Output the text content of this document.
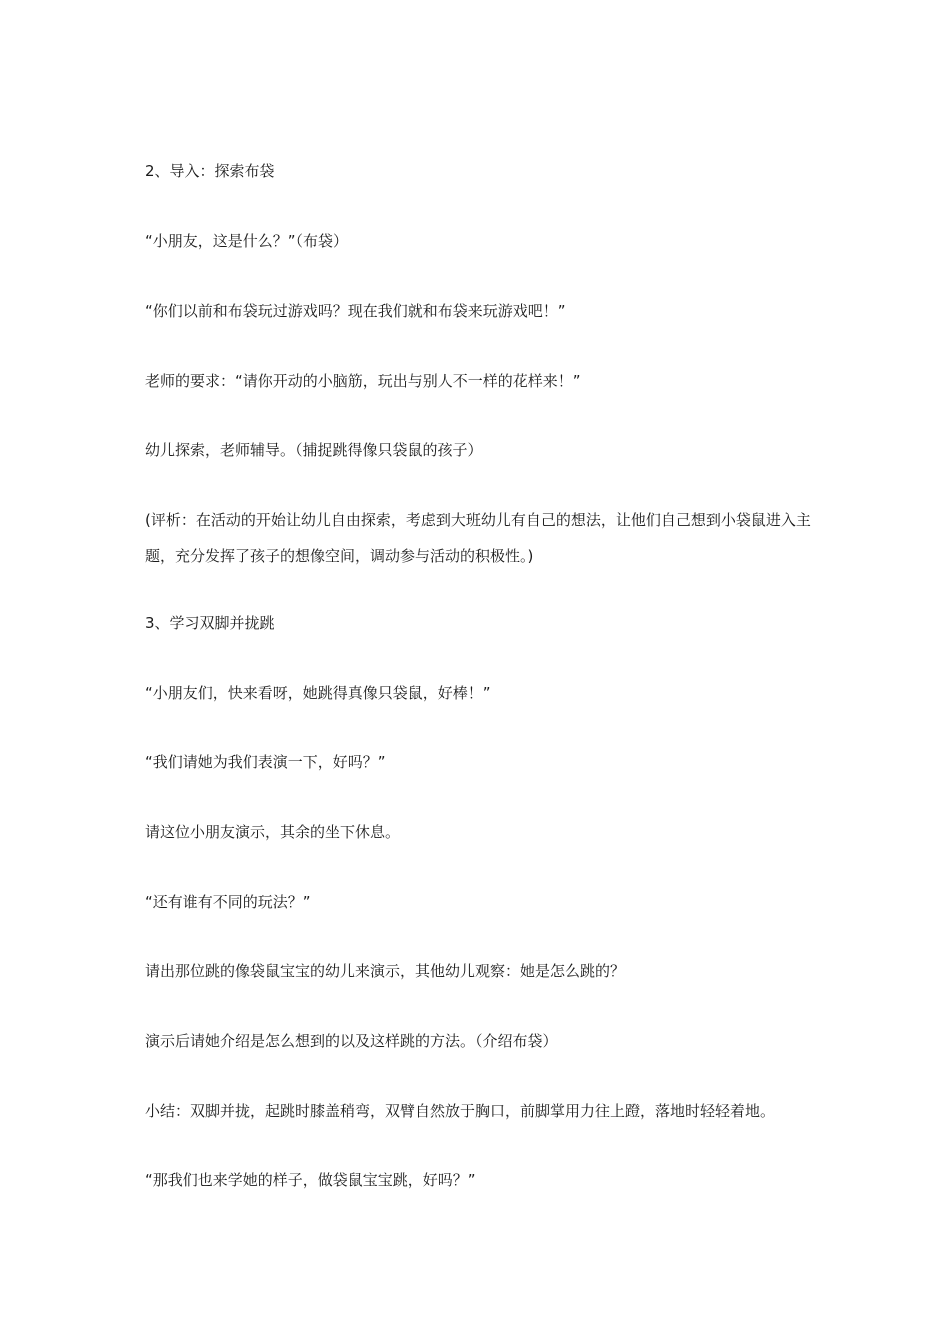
2、导入：探索布袋
“小朋友，这是什么？”（布袋）
“你们以前和布袋玩过游戏吗？现在我们就和布袋来玩游戏吧！”
老师的要求：“请你开动的小脑筋，玩出与别人不一样的花样来！”
幼儿探索，老师辅导。（捕捉跳得像只袋鼠的孩子）
(评析：在活动的开始让幼儿自由探索，考虑到大班幼儿有自己的想法，让他们自己想到小袋鼠进入主题，充分发挥了孩子的想像空间，调动参与活动的积极性。)
3、学习双脚并拢跳
“小朋友们，快来看呀，她跳得真像只袋鼠，好棒！”
“我们请她为我们表演一下，好吗？”
请这位小朋友演示，其余的坐下休息。
“还有谁有不同的玩法？”
请出那位跳的像袋鼠宝宝的幼儿来演示，其他幼儿观察：她是怎么跳的？
演示后请她介绍是怎么想到的以及这样跳的方法。（介绍布袋）
小结：双脚并拢，起跳时膝盖稍弯，双臂自然放于胸口，前脚掌用力往上蹬，落地时轻轻着地。
“那我们也来学她的样子，做袋鼠宝宝跳，好吗？”
